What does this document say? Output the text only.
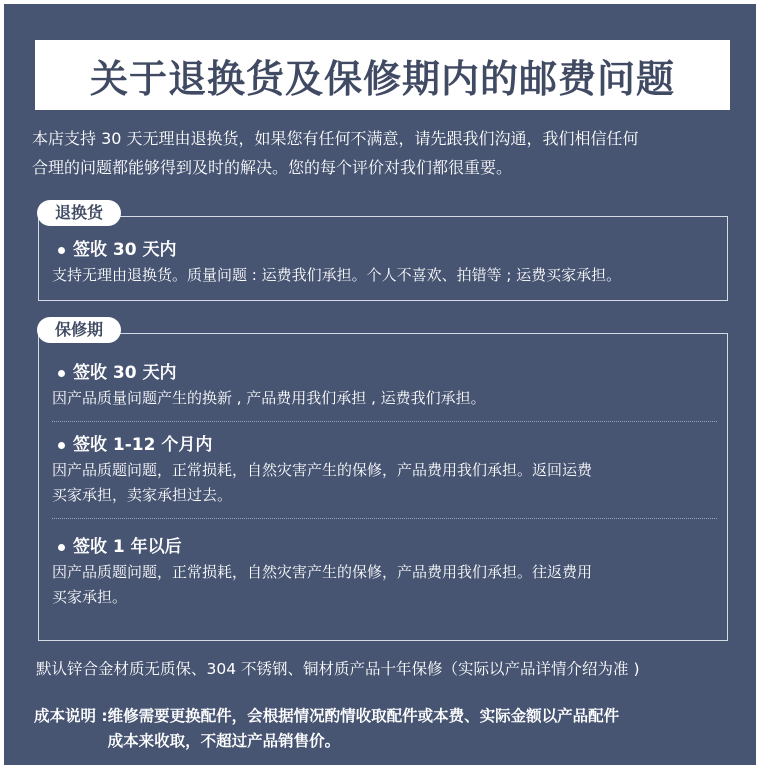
关于退换货及保修期内的邮费问题
本店支持 30 天无理由退换货，如果您有任何不满意，请先跟我们沟通，我们相信任何
合理的问题都能够得到及时的解决。您的每个评价对我们都很重要。
退换货
签收 30 天内
支持无理由退换货。质量问题 : 运费我们承担。个人不喜欢、拍错等 ; 运费买家承担。
保修期
签收 30 天内
因产品质量问题产生的换新 , 产品费用我们承担 , 运费我们承担。
签收 1-12 个月内
因产品质题问题，正常损耗，自然灾害产生的保修，产品费用我们承担。返回运费
买家承担，卖家承担过去。
签收 1 年以后
因产品质题问题，正常损耗，自然灾害产生的保修，产品费用我们承担。往返费用
买家承担。
默认锌合金材质无质保、304 不锈钢、铜材质产品十年保修（实际以产品详情介绍为准 )
成本说明 : 维修需要更换配件，会根据情况酌情收取配件或本费、实际金额以产品配件
成本来收取，不超过产品销售价。
